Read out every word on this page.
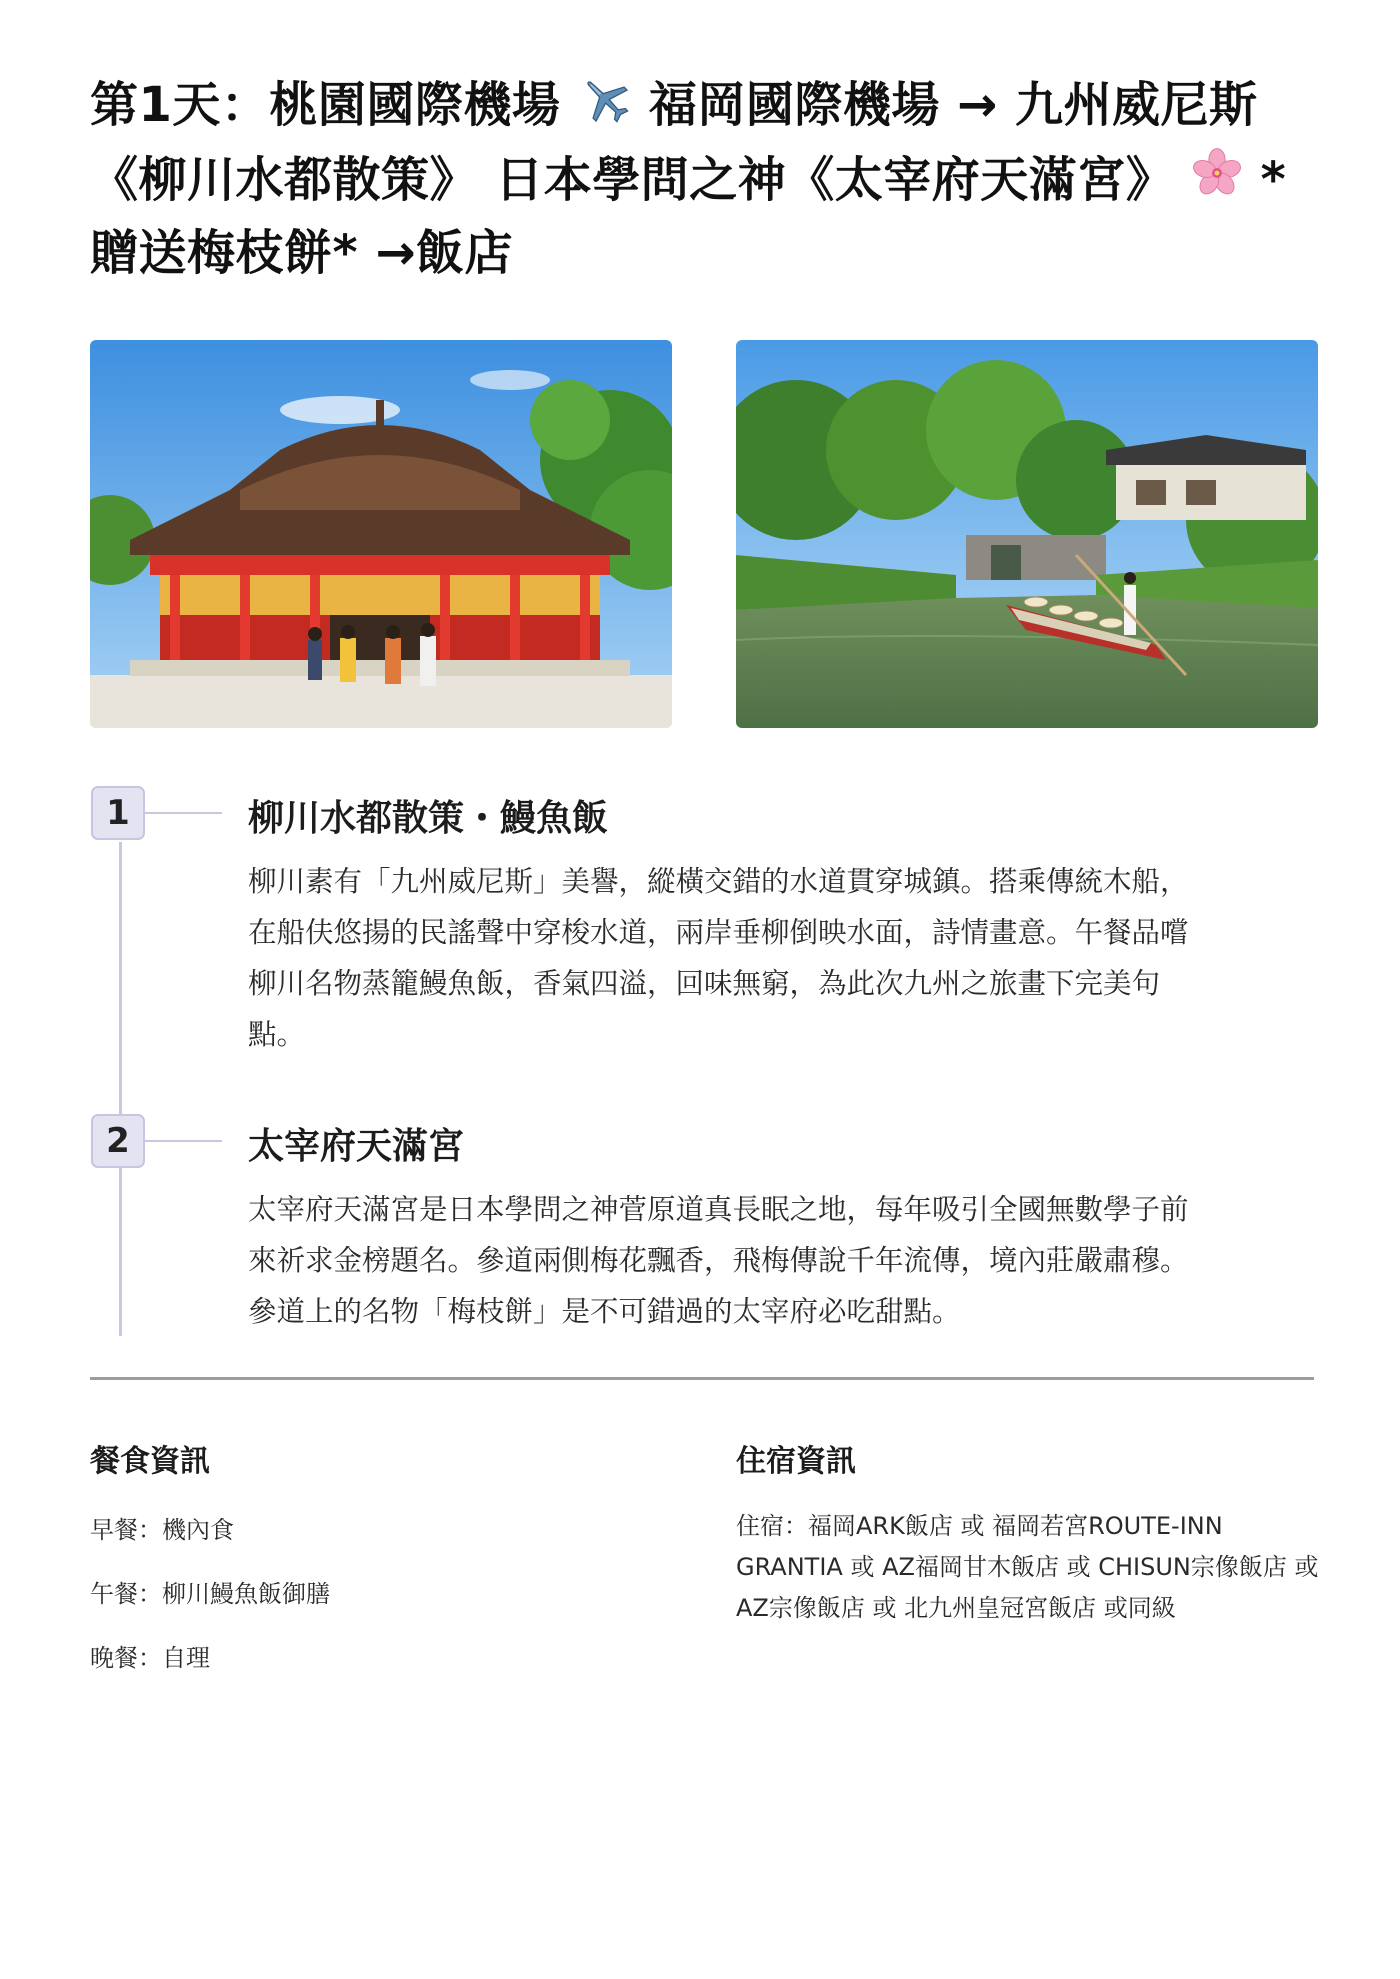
第1天：桃園國際機場 福岡國際機場 → 九州威尼斯《柳川水都散策》 日本學問之神《太宰府天滿宮》 *贈送梅枝餅* →飯店
1	柳川水都散策・鰻魚飯
柳川素有「九州威尼斯」美譽，縱橫交錯的水道貫穿城鎮。搭乘傳統木船，
在船伕悠揚的民謠聲中穿梭水道，兩岸垂柳倒映水面，詩情畫意。午餐品嚐
柳川名物蒸籠鰻魚飯，香氣四溢，回味無窮，為此次九州之旅畫下完美句
點。
2	太宰府天滿宮
太宰府天滿宮是日本學問之神菅原道真長眠之地，每年吸引全國無數學子前
來祈求金榜題名。參道兩側梅花飄香，飛梅傳說千年流傳，境內莊嚴肅穆。
參道上的名物「梅枝餅」是不可錯過的太宰府必吃甜點。
餐食資訊
早餐：機內食
午餐：柳川鰻魚飯御膳
晚餐：自理
住宿資訊
住宿：福岡ARK飯店 或 福岡若宮ROUTE-INN
GRANTIA 或 AZ福岡甘木飯店 或 CHISUN宗像飯店 或
AZ宗像飯店 或 北九州皇冠宮飯店 或同級
